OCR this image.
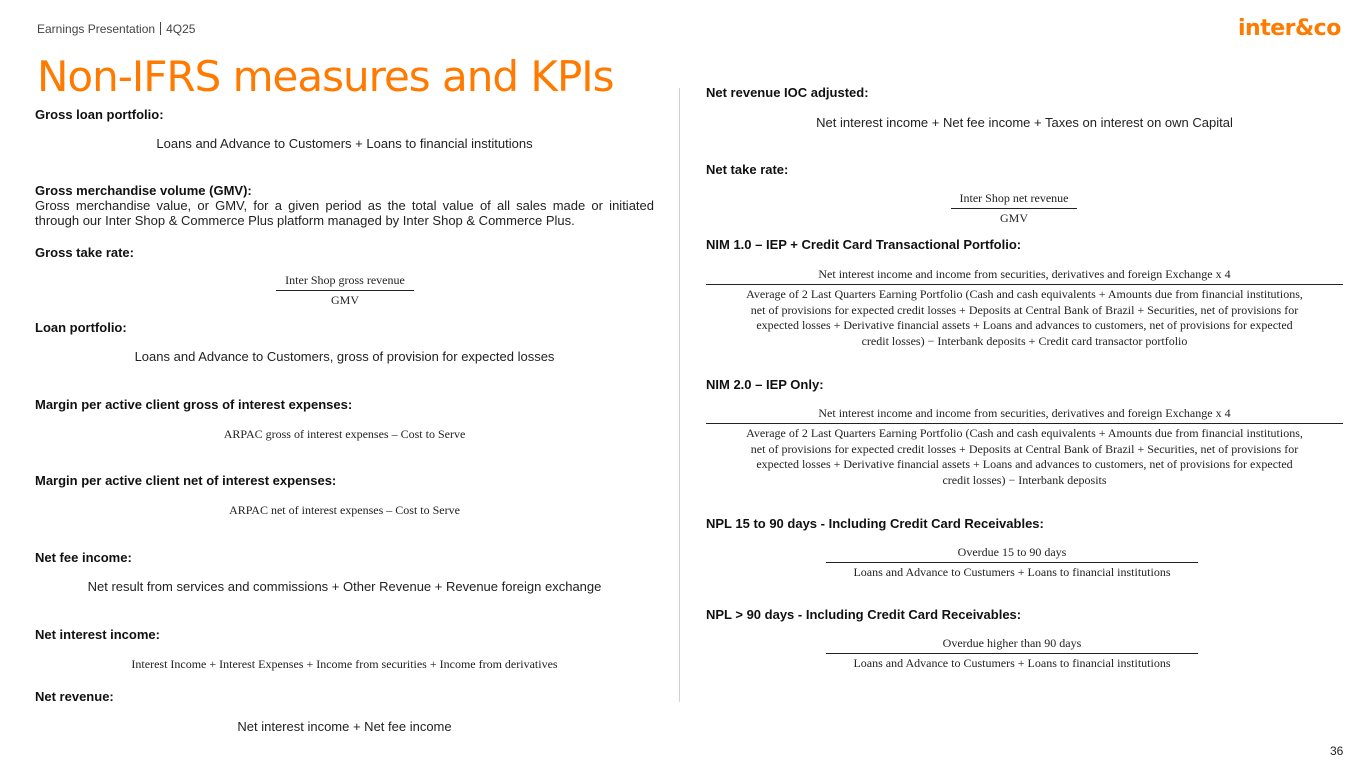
Earnings Presentation 4Q25	inter&co
Non-IFRS measures and KPIs
Gross loan portfolio:
Loans and Advance to Customers + Loans to financial institutions
Gross merchandise volume (GMV):
Gross merchandise value, or GMV, for a given period as the total value of all sales made or initiated through our Inter Shop & Commerce Plus platform managed by Inter Shop & Commerce Plus.
Gross take rate:
Inter Shop gross revenue
GMV
Loan portfolio:
Loans and Advance to Customers, gross of provision for expected losses
Margin per active client gross of interest expenses:
ARPAC gross of interest expenses – Cost to Serve
Margin per active client net of interest expenses:
ARPAC net of interest expenses – Cost to Serve
Net fee income:
Net result from services and commissions + Other Revenue + Revenue foreign exchange
Net interest income:
Interest Income + Interest Expenses + Income from securities + Income from derivatives
Net revenue:
Net interest income + Net fee income
Net revenue IOC adjusted:
Net interest income + Net fee income + Taxes on interest on own Capital
Net take rate:
Inter Shop net revenue
GMV
NIM 1.0 – IEP + Credit Card Transactional Portfolio:
Net interest income and income from securities, derivatives and foreign Exchange x 4
Average of 2 Last Quarters Earning Portfolio (Cash and cash equivalents + Amounts due from financial institutions,
net of provisions for expected credit losses + Deposits at Central Bank of Brazil + Securities, net of provisions for
expected losses + Derivative financial assets + Loans and advances to customers, net of provisions for expected
credit losses) − Interbank deposits + Credit card transactor portfolio
NIM 2.0 – IEP Only:
Net interest income and income from securities, derivatives and foreign Exchange x 4
Average of 2 Last Quarters Earning Portfolio (Cash and cash equivalents + Amounts due from financial institutions,
net of provisions for expected credit losses + Deposits at Central Bank of Brazil + Securities, net of provisions for
expected losses + Derivative financial assets + Loans and advances to customers, net of provisions for expected
credit losses) − Interbank deposits
NPL 15 to 90 days - Including Credit Card Receivables:
Overdue 15 to 90 days
Loans and Advance to Custumers + Loans to financial institutions
NPL > 90 days - Including Credit Card Receivables:
Overdue higher than 90 days
Loans and Advance to Custumers + Loans to financial institutions
36
